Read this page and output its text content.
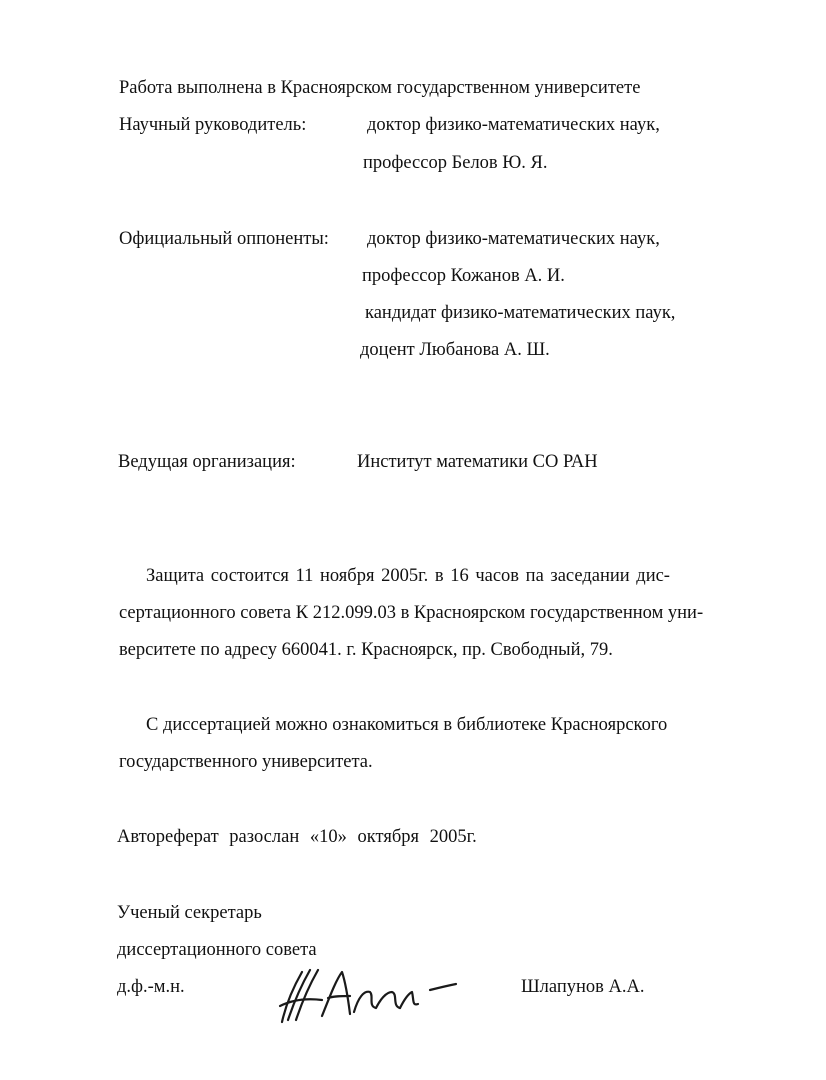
Работа выполнена в Красноярском государственном университете
Научный руководитель:	доктор физико-математических наук,
профессор Белов Ю. Я.
Официальный оппоненты: доктор физико-математических наук,
профессор Кожанов А. И.
кандидат физико-математических паук,
доцент Любанова А. Ш.
Ведущая организация:	Институт математики СО РАН
Защита состоится 11 ноября 2005г. в 16 часов па заседании дис-
сертационного совета К 212.099.03 в Красноярском государственном уни-
верситете по адресу 660041. г. Красноярск, пр. Свободный, 79.
С диссертацией можно ознакомиться в библиотеке Красноярского
государственного университета.
Автореферат разослан «10» октября 2005г.
Ученый секретарь
диссертационного совета
д.ф.-м.н.	Шлапунов А.А.
